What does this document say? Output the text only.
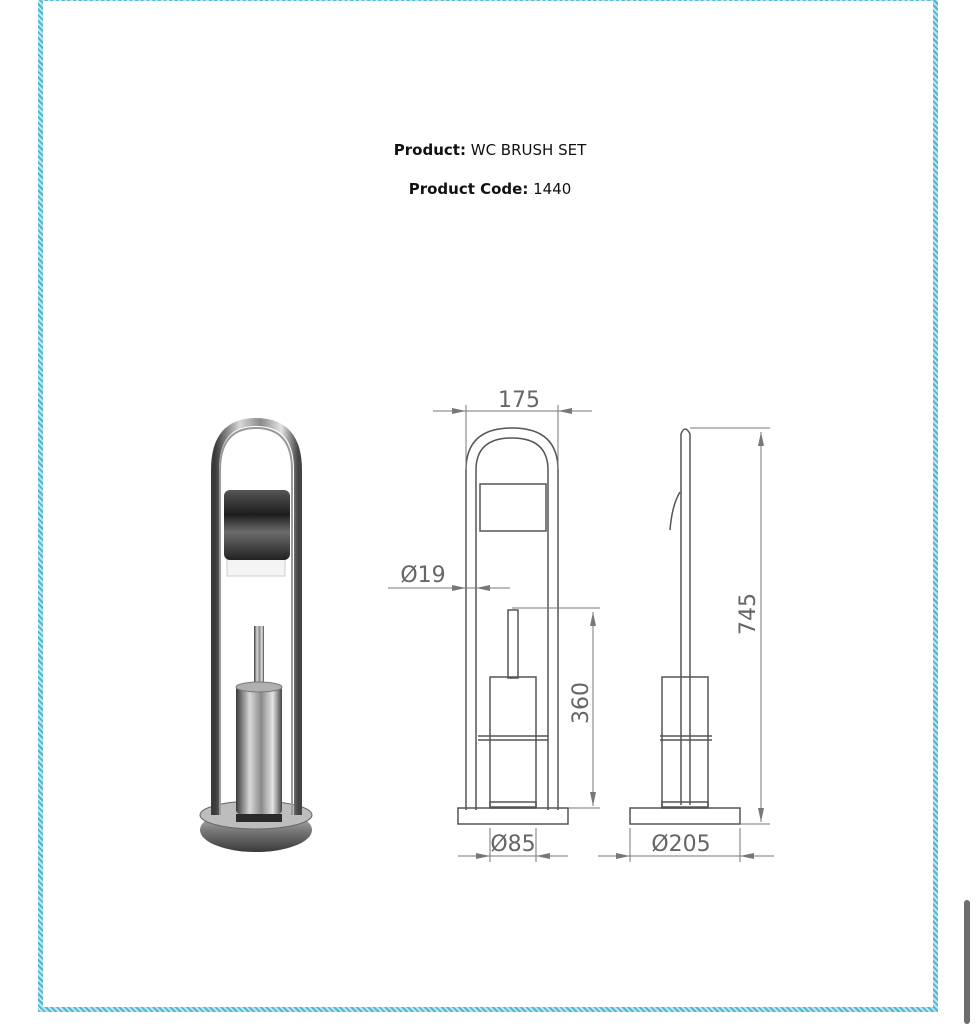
Product: WC BRUSH SET
Product Code: 1440
175
Ø19
360
Ø85
745
Ø205
